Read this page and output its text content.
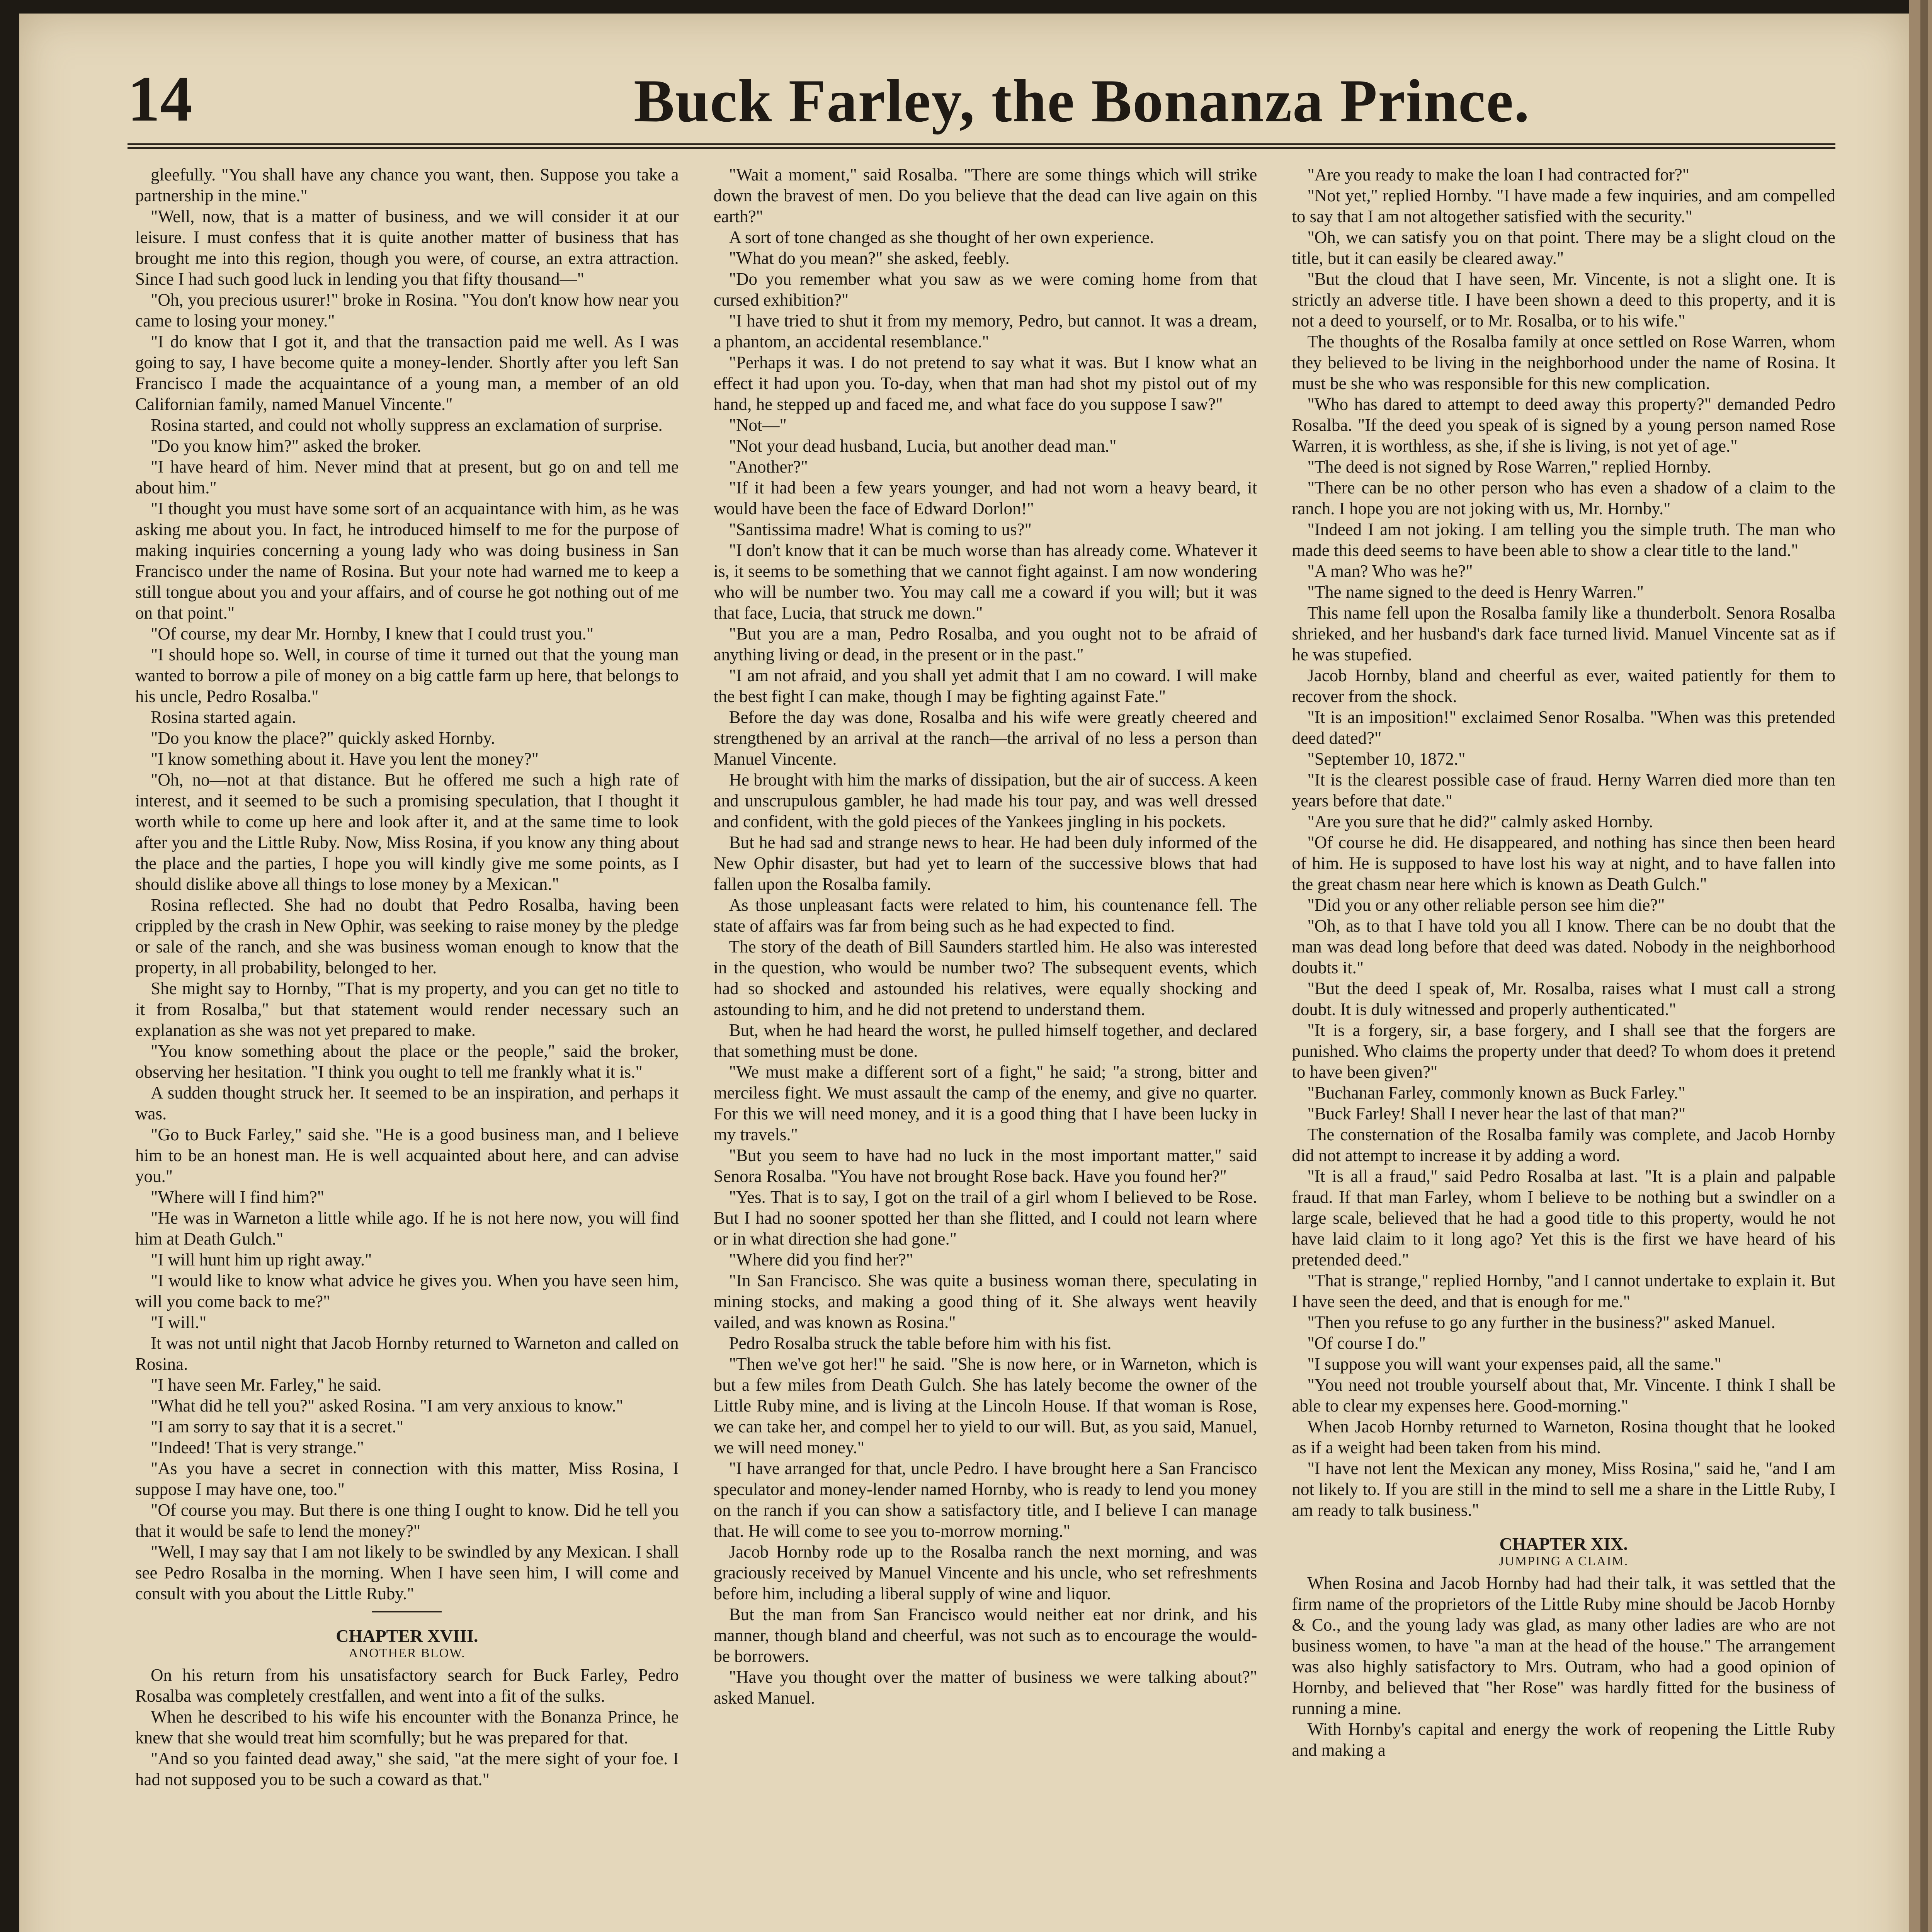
14	Buck Farley, the Bonanza Prince.

gleefully. "You shall have any chance you want, then. Suppose you take a partnership in the mine."

"Well, now, that is a matter of business, and we will consider it at our leisure. I must confess that it is quite another matter of business that has brought me into this region, though you were, of course, an extra attraction. Since I had such good luck in lending you that fifty thousand—"

"Oh, you precious usurer!" broke in Rosina. "You don't know how near you came to losing your money."

"I do know that I got it, and that the transaction paid me well. As I was going to say, I have become quite a money-lender. Shortly after you left San Francisco I made the acquaintance of a young man, a member of an old Californian family, named Manuel Vincente."

Rosina started, and could not wholly suppress an exclamation of surprise.

"Do you know him?" asked the broker.

"I have heard of him. Never mind that at present, but go on and tell me about him."

"I thought you must have some sort of an acquaintance with him, as he was asking me about you. In fact, he introduced himself to me for the purpose of making inquiries concerning a young lady who was doing business in San Francisco under the name of Rosina. But your note had warned me to keep a still tongue about you and your affairs, and of course he got nothing out of me on that point."

"Of course, my dear Mr. Hornby, I knew that I could trust you."

"I should hope so. Well, in course of time it turned out that the young man wanted to borrow a pile of money on a big cattle farm up here, that belongs to his uncle, Pedro Rosalba."

Rosina started again.

"Do you know the place?" quickly asked Hornby.

"I know something about it. Have you lent the money?"

"Oh, no—not at that distance. But he offered me such a high rate of interest, and it seemed to be such a promising speculation, that I thought it worth while to come up here and look after it, and at the same time to look after you and the Little Ruby. Now, Miss Rosina, if you know any thing about the place and the parties, I hope you will kindly give me some points, as I should dislike above all things to lose money by a Mexican."

Rosina reflected. She had no doubt that Pedro Rosalba, having been crippled by the crash in New Ophir, was seeking to raise money by the pledge or sale of the ranch, and she was business woman enough to know that the property, in all probability, belonged to her.

She might say to Hornby, "That is my property, and you can get no title to it from Rosalba," but that statement would render necessary such an explanation as she was not yet prepared to make.

"You know something about the place or the people," said the broker, observing her hesitation. "I think you ought to tell me frankly what it is."

A sudden thought struck her. It seemed to be an inspiration, and perhaps it was.

"Go to Buck Farley," said she. "He is a good business man, and I believe him to be an honest man. He is well acquainted about here, and can advise you."

"Where will I find him?"

"He was in Warneton a little while ago. If he is not here now, you will find him at Death Gulch."

"I will hunt him up right away."

"I would like to know what advice he gives you. When you have seen him, will you come back to me?"

"I will."

It was not until night that Jacob Hornby returned to Warneton and called on Rosina.

"I have seen Mr. Farley," he said.

"What did he tell you?" asked Rosina. "I am very anxious to know."

"I am sorry to say that it is a secret."

"Indeed! That is very strange."

"As you have a secret in connection with this matter, Miss Rosina, I suppose I may have one, too."

"Of course you may. But there is one thing I ought to know. Did he tell you that it would be safe to lend the money?"

"Well, I may say that I am not likely to be swindled by any Mexican. I shall see Pedro Rosalba in the morning. When I have seen him, I will come and consult with you about the Little Ruby."

CHAPTER XVIII.
ANOTHER BLOW.

On his return from his unsatisfactory search for Buck Farley, Pedro Rosalba was completely crestfallen, and went into a fit of the sulks.

When he described to his wife his encounter with the Bonanza Prince, he knew that she would treat him scornfully; but he was prepared for that.

"And so you fainted dead away," she said, "at the mere sight of your foe. I had not supposed you to be such a coward as that."

"Wait a moment," said Rosalba. "There are some things which will strike down the bravest of men. Do you believe that the dead can live again on this earth?"

A sort of tone changed as she thought of her own experience.

"What do you mean?" she asked, feebly.

"Do you remember what you saw as we were coming home from that cursed exhibition?"

"I have tried to shut it from my memory, Pedro, but cannot. It was a dream, a phantom, an accidental resemblance."

"Perhaps it was. I do not pretend to say what it was. But I know what an effect it had upon you. To-day, when that man had shot my pistol out of my hand, he stepped up and faced me, and what face do you suppose I saw?"

"Not—"

"Not your dead husband, Lucia, but another dead man."

"Another?"

"If it had been a few years younger, and had not worn a heavy beard, it would have been the face of Edward Dorlon!"

"Santissima madre! What is coming to us?"

"I don't know that it can be much worse than has already come. Whatever it is, it seems to be something that we cannot fight against. I am now wondering who will be number two. You may call me a coward if you will; but it was that face, Lucia, that struck me down."

"But you are a man, Pedro Rosalba, and you ought not to be afraid of anything living or dead, in the present or in the past."

"I am not afraid, and you shall yet admit that I am no coward. I will make the best fight I can make, though I may be fighting against Fate."

Before the day was done, Rosalba and his wife were greatly cheered and strengthened by an arrival at the ranch—the arrival of no less a person than Manuel Vincente.

He brought with him the marks of dissipation, but the air of success. A keen and unscrupulous gambler, he had made his tour pay, and was well dressed and confident, with the gold pieces of the Yankees jingling in his pockets.

But he had sad and strange news to hear. He had been duly informed of the New Ophir disaster, but had yet to learn of the successive blows that had fallen upon the Rosalba family.

As those unpleasant facts were related to him, his countenance fell. The state of affairs was far from being such as he had expected to find.

The story of the death of Bill Saunders startled him. He also was interested in the question, who would be number two? The subsequent events, which had so shocked and astounded his relatives, were equally shocking and astounding to him, and he did not pretend to understand them.

But, when he had heard the worst, he pulled himself together, and declared that something must be done.

"We must make a different sort of a fight," he said; "a strong, bitter and merciless fight. We must assault the camp of the enemy, and give no quarter. For this we will need money, and it is a good thing that I have been lucky in my travels."

"But you seem to have had no luck in the most important matter," said Senora Rosalba. "You have not brought Rose back. Have you found her?"

"Yes. That is to say, I got on the trail of a girl whom I believed to be Rose. But I had no sooner spotted her than she flitted, and I could not learn where or in what direction she had gone."

"Where did you find her?"

"In San Francisco. She was quite a business woman there, speculating in mining stocks, and making a good thing of it. She always went heavily vailed, and was known as Rosina."

Pedro Rosalba struck the table before him with his fist.

"Then we've got her!" he said. "She is now here, or in Warneton, which is but a few miles from Death Gulch. She has lately become the owner of the Little Ruby mine, and is living at the Lincoln House. If that woman is Rose, we can take her, and compel her to yield to our will. But, as you said, Manuel, we will need money."

"I have arranged for that, uncle Pedro. I have brought here a San Francisco speculator and money-lender named Hornby, who is ready to lend you money on the ranch if you can show a satisfactory title, and I believe I can manage that. He will come to see you to-morrow morning."

Jacob Hornby rode up to the Rosalba ranch the next morning, and was graciously received by Manuel Vincente and his uncle, who set refreshments before him, including a liberal supply of wine and liquor.

But the man from San Francisco would neither eat nor drink, and his manner, though bland and cheerful, was not such as to encourage the would-be borrowers.

"Have you thought over the matter of business we were talking about?" asked Manuel.

"Are you ready to make the loan I had contracted for?"

"Not yet," replied Hornby. "I have made a few inquiries, and am compelled to say that I am not altogether satisfied with the security."

"Oh, we can satisfy you on that point. There may be a slight cloud on the title, but it can easily be cleared away."

"But the cloud that I have seen, Mr. Vincente, is not a slight one. It is strictly an adverse title. I have been shown a deed to this property, and it is not a deed to yourself, or to Mr. Rosalba, or to his wife."

The thoughts of the Rosalba family at once settled on Rose Warren, whom they believed to be living in the neighborhood under the name of Rosina. It must be she who was responsible for this new complication.

"Who has dared to attempt to deed away this property?" demanded Pedro Rosalba. "If the deed you speak of is signed by a young person named Rose Warren, it is worthless, as she, if she is living, is not yet of age."

"The deed is not signed by Rose Warren," replied Hornby.

"There can be no other person who has even a shadow of a claim to the ranch. I hope you are not joking with us, Mr. Hornby."

"Indeed I am not joking. I am telling you the simple truth. The man who made this deed seems to have been able to show a clear title to the land."

"A man? Who was he?"

"The name signed to the deed is Henry Warren."

This name fell upon the Rosalba family like a thunderbolt. Senora Rosalba shrieked, and her husband's dark face turned livid. Manuel Vincente sat as if he was stupefied.

Jacob Hornby, bland and cheerful as ever, waited patiently for them to recover from the shock.

"It is an imposition!" exclaimed Senor Rosalba. "When was this pretended deed dated?"

"September 10, 1872."

"It is the clearest possible case of fraud. Herny Warren died more than ten years before that date."

"Are you sure that he did?" calmly asked Hornby.

"Of course he did. He disappeared, and nothing has since then been heard of him. He is supposed to have lost his way at night, and to have fallen into the great chasm near here which is known as Death Gulch."

"Did you or any other reliable person see him die?"

"Oh, as to that I have told you all I know. There can be no doubt that the man was dead long before that deed was dated. Nobody in the neighborhood doubts it."

"But the deed I speak of, Mr. Rosalba, raises what I must call a strong doubt. It is duly witnessed and properly authenticated."

"It is a forgery, sir, a base forgery, and I shall see that the forgers are punished. Who claims the property under that deed? To whom does it pretend to have been given?"

"Buchanan Farley, commonly known as Buck Farley."

"Buck Farley! Shall I never hear the last of that man?"

The consternation of the Rosalba family was complete, and Jacob Hornby did not attempt to increase it by adding a word.

"It is all a fraud," said Pedro Rosalba at last. "It is a plain and palpable fraud. If that man Farley, whom I believe to be nothing but a swindler on a large scale, believed that he had a good title to this property, would he not have laid claim to it long ago? Yet this is the first we have heard of his pretended deed."

"That is strange," replied Hornby, "and I cannot undertake to explain it. But I have seen the deed, and that is enough for me."

"Then you refuse to go any further in the business?" asked Manuel.

"Of course I do."

"I suppose you will want your expenses paid, all the same."

"You need not trouble yourself about that, Mr. Vincente. I think I shall be able to clear my expenses here. Good-morning."

When Jacob Hornby returned to Warneton, Rosina thought that he looked as if a weight had been taken from his mind.

"I have not lent the Mexican any money, Miss Rosina," said he, "and I am not likely to. If you are still in the mind to sell me a share in the Little Ruby, I am ready to talk business."

CHAPTER XIX.
JUMPING A CLAIM.

When Rosina and Jacob Hornby had had their talk, it was settled that the firm name of the proprietors of the Little Ruby mine should be Jacob Hornby & Co., and the young lady was glad, as many other ladies are who are not business women, to have "a man at the head of the house." The arrangement was also highly satisfactory to Mrs. Outram, who had a good opinion of Hornby, and believed that "her Rose" was hardly fitted for the business of running a mine.

With Hornby's capital and energy the work of reopening the Little Ruby and making a
